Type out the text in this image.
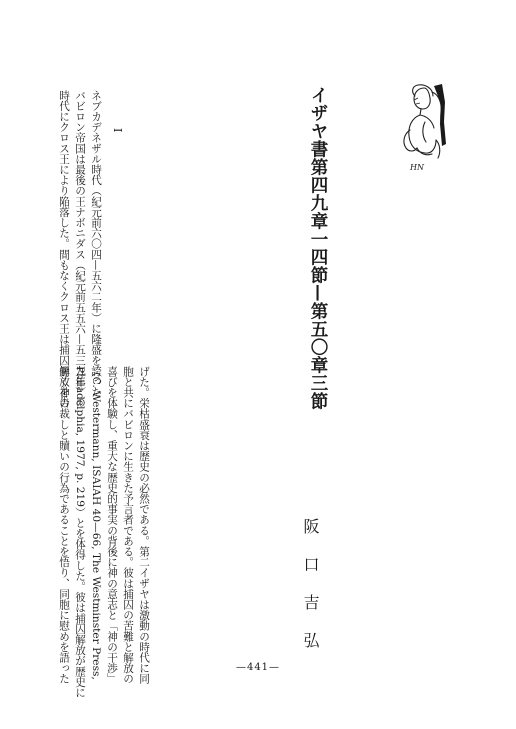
HN
イザヤ書第四九章一四節—第五〇章三節
阪口吉弘
I
ネブカデネザル時代（紀元前六〇四—五六二年）に隆盛を誇った
バビロン帝国は最後の王ナボニダス（紀元前五五六—五三九年）の
時代にクロス王により陥落した。間もなくクロス王は捕囚解放を告
げた。栄枯盛衰は歴史の必然である。第二イザヤは激動の時代に同
胞と共にバビロンに生きた予言者である。彼は捕囚の苦難と解放の
喜びを体験し、重大な歴史的事実の背後に神の意志と「神の干渉」
（C. Westermann, ISAIAH 40—66, The Westminster Press,
Philadelphia, 1977, p. 219）とを体得した。彼は捕囚解放が歴史に
働く神の裁しと贖いの行為であることを悟り、同胞に慰めを語った	—441—
